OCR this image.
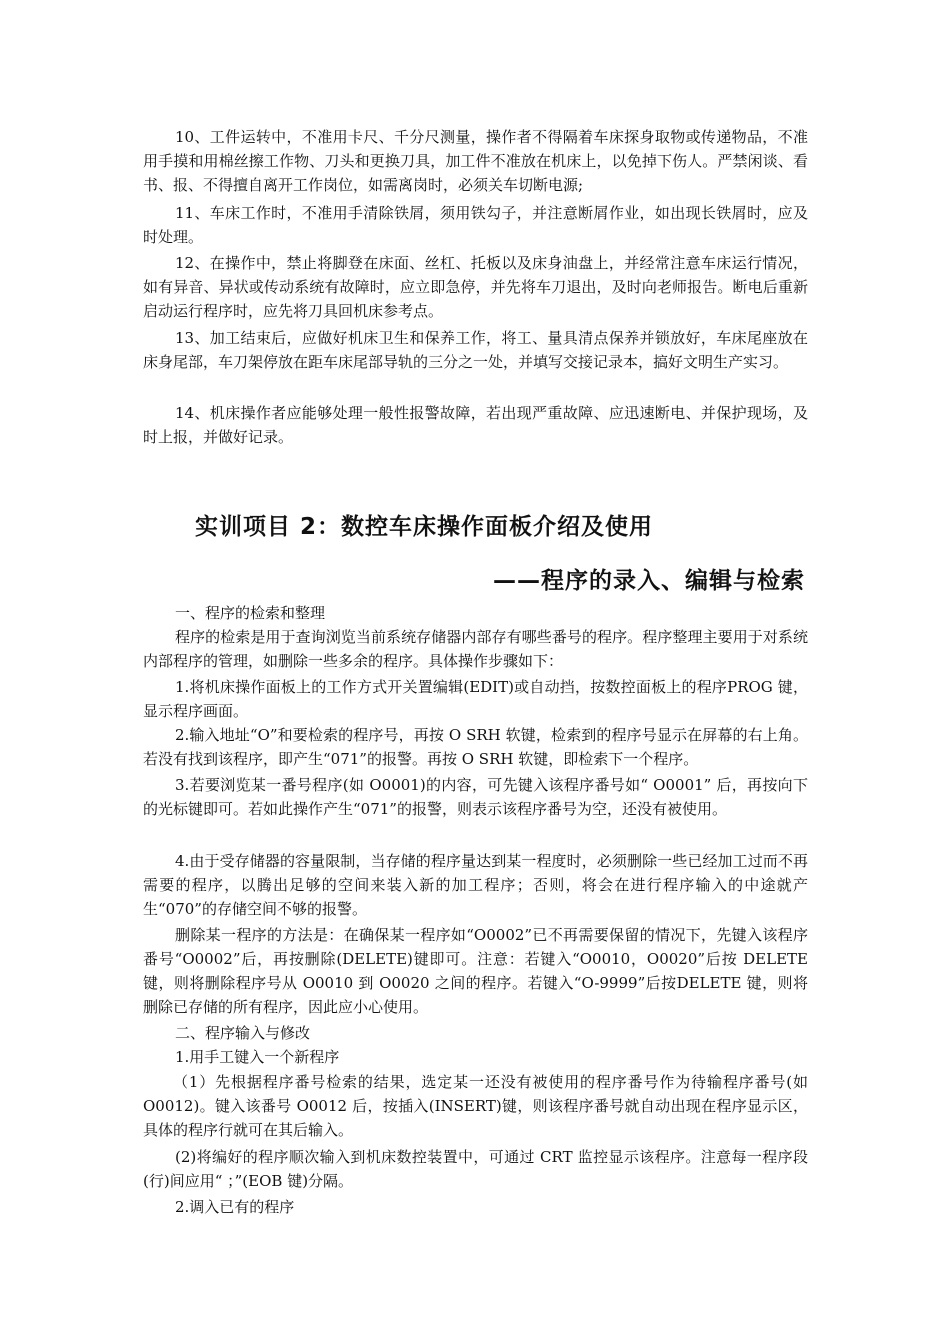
10、工件运转中，不准用卡尺、千分尺测量，操作者不得隔着车床探身取物或传递物品，不准用手摸和用棉丝擦工作物、刀头和更换刀具，加工件不准放在机床上，以免掉下伤人。严禁闲谈、看书、报、不得擅自离开工作岗位，如需离岗时，必须关车切断电源;

11、车床工作时，不准用手清除铁屑，须用铁勾子，并注意断屑作业，如出现长铁屑时，应及时处理。

12、在操作中，禁止将脚登在床面、丝杠、托板以及床身油盘上，并经常注意车床运行情况，如有异音、异状或传动系统有故障时，应立即急停，并先将车刀退出，及时向老师报告。断电后重新启动运行程序时，应先将刀具回机床参考点。

13、加工结束后，应做好机床卫生和保养工作，将工、量具清点保养并锁放好，车床尾座放在床身尾部，车刀架停放在距车床尾部导轨的三分之一处，并填写交接记录本，搞好文明生产实习。

14、机床操作者应能够处理一般性报警故障，若出现严重故障、应迅速断电、并保护现场，及时上报，并做好记录。

实训项目 2：数控车床操作面板介绍及使用
——程序的录入、编辑与检索

一、程序的检索和整理

程序的检索是用于查询浏览当前系统存储器内部存有哪些番号的程序。程序整理主要用于对系统内部程序的管理，如删除一些多余的程序。具体操作步骤如下：

1.将机床操作面板上的工作方式开关置编辑(EDIT)或自动挡，按数控面板上的程序PROG 键，显示程序画面。

2.输入地址“O”和要检索的程序号，再按 O SRH 软键，检索到的程序号显示在屏幕的右上角。若没有找到该程序，即产生“071”的报警。再按 O SRH 软键，即检索下一个程序。

3.若要浏览某一番号程序(如 O0001)的内容，可先键入该程序番号如“ O0001” 后，再按向下的光标键即可。若如此操作产生“071”的报警，则表示该程序番号为空，还没有被使用。

4.由于受存储器的容量限制，当存储的程序量达到某一程度时，必须删除一些已经加工过而不再需要的程序，以腾出足够的空间来装入新的加工程序；否则，将会在进行程序输入的中途就产生“070”的存储空间不够的报警。

删除某一程序的方法是：在确保某一程序如“O0002”已不再需要保留的情况下，先键入该程序番号“O0002”后，再按删除(DELETE)键即可。注意：若键入“O0010，O0020”后按 DELETE 键，则将删除程序号从 O0010 到 O0020 之间的程序。若键入“O-9999”后按DELETE 键，则将删除已存储的所有程序，因此应小心使用。

二、程序输入与修改

1.用手工键入一个新程序

（1）先根据程序番号检索的结果，选定某一还没有被使用的程序番号作为待输程序番号(如 O0012)。键入该番号 O0012 后，按插入(INSERT)键，则该程序番号就自动出现在程序显示区，具体的程序行就可在其后输入。

(2)将编好的程序顺次输入到机床数控装置中，可通过 CRT 监控显示该程序。注意每一程序段(行)间应用“ ；”(EOB 键)分隔。

2.调入已有的程序
